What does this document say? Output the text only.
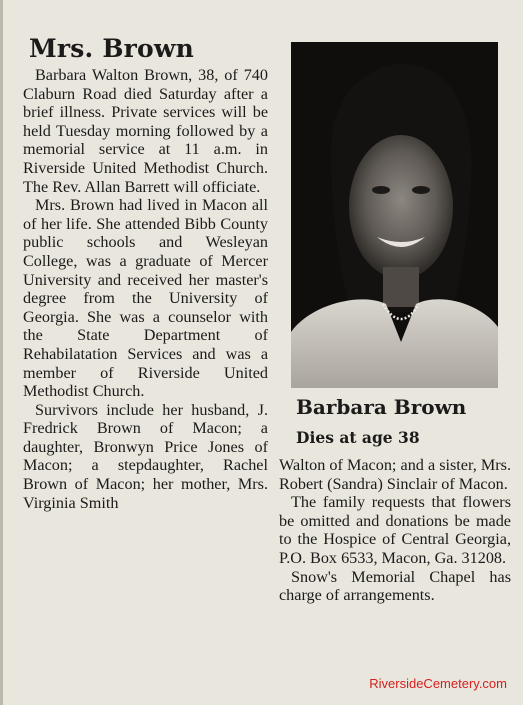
Mrs. Brown

Barbara Walton Brown, 38, of 740 Claburn Road died Saturday after a brief illness. Private services will be held Tuesday morning followed by a memorial service at 11 a.m. in Riverside United Methodist Church. The Rev. Allan Barrett will officiate.

Mrs. Brown had lived in Macon all of her life. She attended Bibb County public schools and Wesleyan College, was a graduate of Mercer University and received her master's degree from the University of Georgia. She was a counselor with the State Department of Rehabilatation Services and was a member of Riverside United Methodist Church.

Survivors include her husband, J. Fredrick Brown of Macon; a daughter, Bronwyn Price Jones of Macon; a stepdaughter, Rachel Brown of Macon; her mother, Mrs. Virginia Smith

Barbara Brown
Dies at age 38

Walton of Macon; and a sister, Mrs. Robert (Sandra) Sinclair of Macon.

The family requests that flowers be omitted and donations be made to the Hospice of Central Georgia, P.O. Box 6533, Macon, Ga. 31208.

Snow's Memorial Chapel has charge of arrangements.

RiversideCemetery.com
